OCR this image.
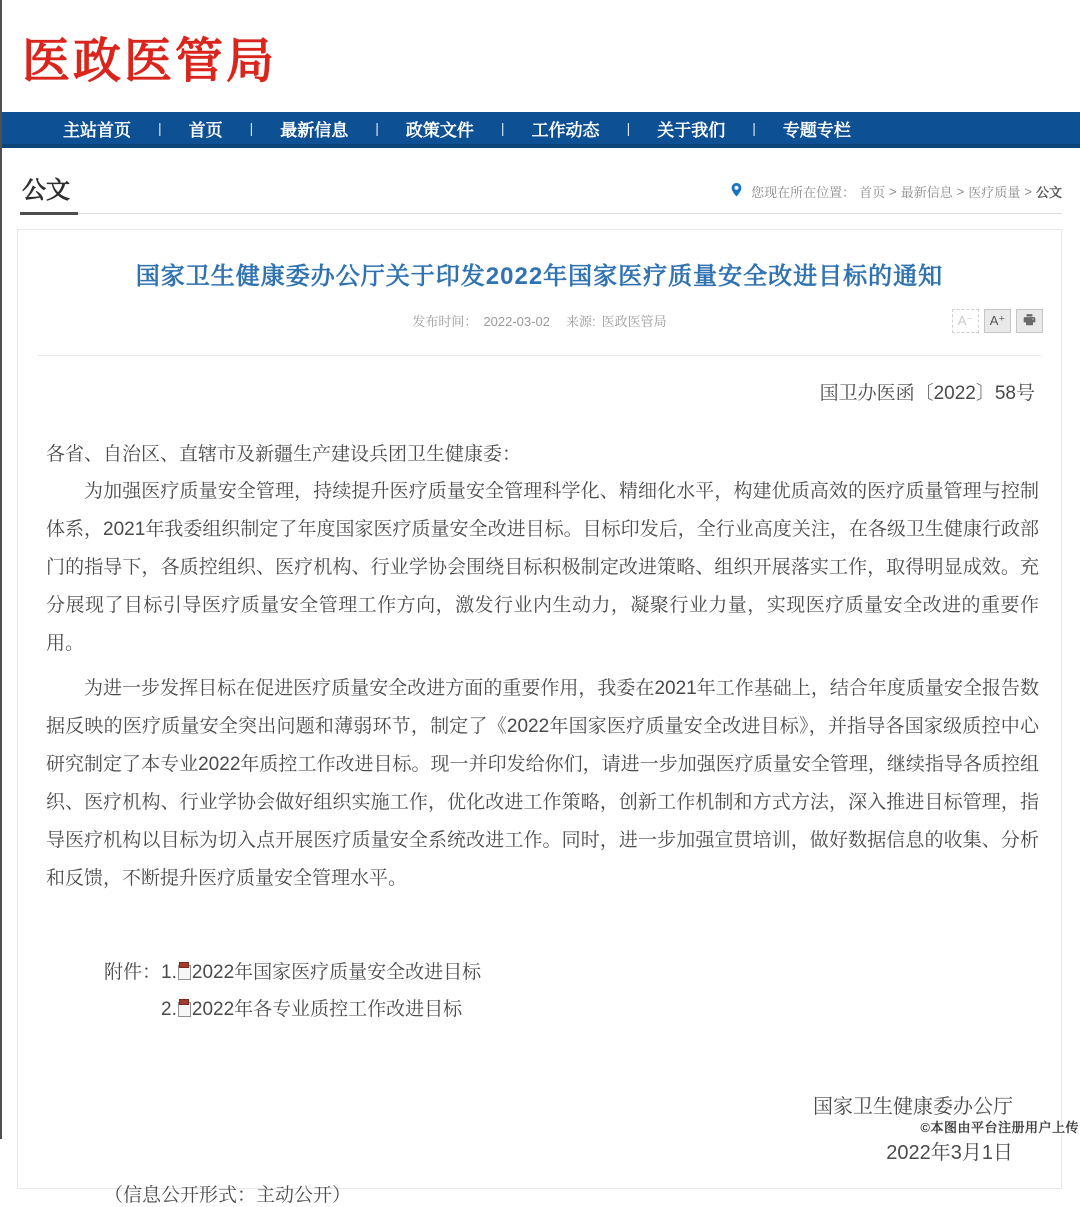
医政医管局
主站首页	|	首页	|	最新信息	|	政策文件	|	工作动态	|	关于我们	|	专题专栏
公文	您现在所在位置： 首页 > 最新信息 > 医疗质量 > 公文
国家卫生健康委办公厅关于印发2022年国家医疗质量安全改进目标的通知
发布时间： 2022-03-02 来源: 医政医管局	A⁻	A⁺
国卫办医函〔2022〕58号
各省、自治区、直辖市及新疆生产建设兵团卫生健康委：

为加强医疗质量安全管理，持续提升医疗质量安全管理科学化、精细化水平，构建优质高效的医疗质量管理与控制体系，2021年我委组织制定了年度国家医疗质量安全改进目标。目标印发后，全行业高度关注，在各级卫生健康行政部门的指导下，各质控组织、医疗机构、行业学协会围绕目标积极制定改进策略、组织开展落实工作，取得明显成效。充分展现了目标引导医疗质量安全管理工作方向，激发行业内生动力，凝聚行业力量，实现医疗质量安全改进的重要作用。

为进一步发挥目标在促进医疗质量安全改进方面的重要作用，我委在2021年工作基础上，结合年度质量安全报告数据反映的医疗质量安全突出问题和薄弱环节，制定了《2022年国家医疗质量安全改进目标》，并指导各国家级质控中心研究制定了本专业2022年质控工作改进目标。现一并印发给你们，请进一步加强医疗质量安全管理，继续指导各质控组织、医疗机构、行业学协会做好组织实施工作，优化改进工作策略，创新工作机制和方式方法，深入推进目标管理，指导医疗机构以目标为切入点开展医疗质量安全系统改进工作。同时，进一步加强宣贯培训，做好数据信息的收集、分析和反馈，不断提升医疗质量安全管理水平。

附件： 1. 2022年国家医疗质量安全改进目标
2. 2022年各专业质控工作改进目标
国家卫生健康委办公厅
2022年3月1日
（信息公开形式：主动公开）
©本图由平台注册用户上传
